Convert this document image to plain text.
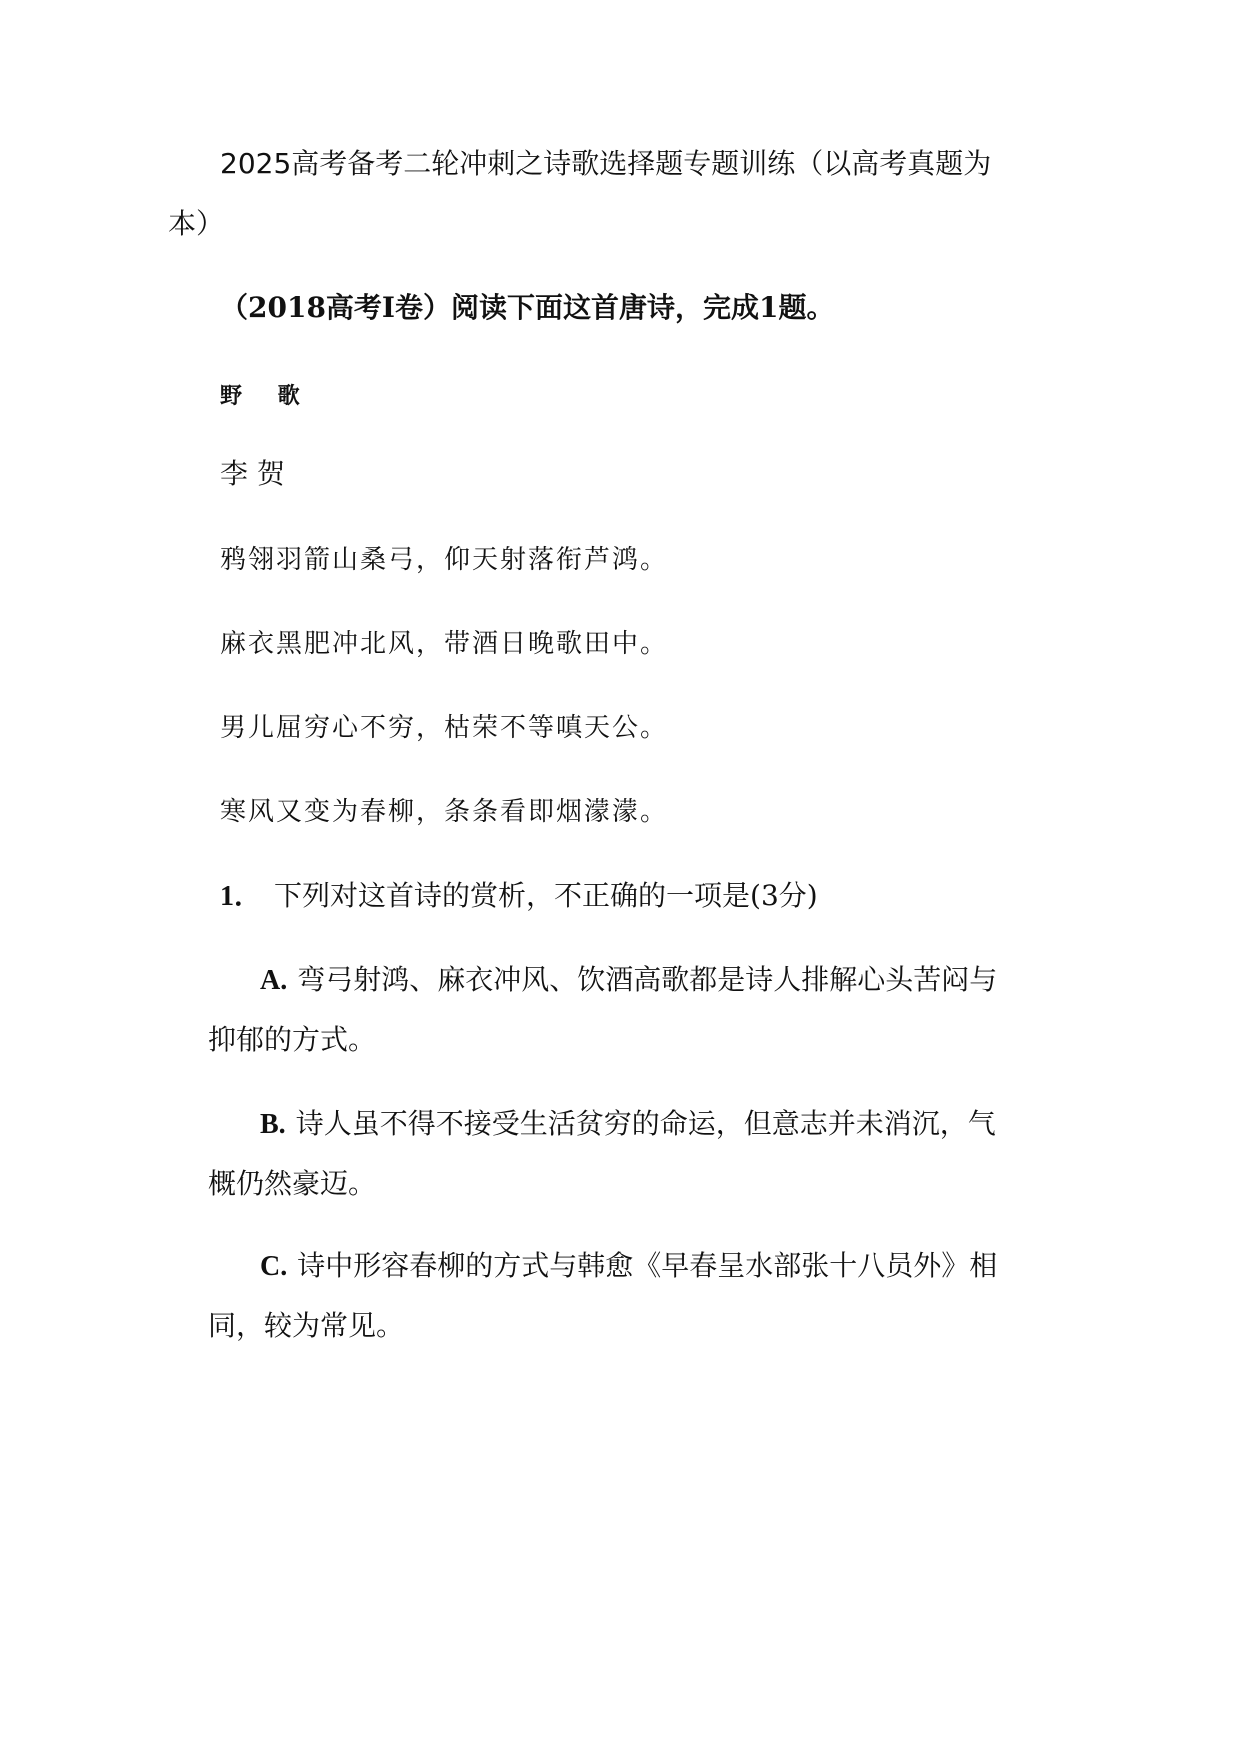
2025高考备考二轮冲刺之诗歌选择题专题训练（以高考真题为
本）
（2018高考Ⅰ卷）阅读下面这首唐诗，完成1题。
野 歌
李 贺
鸦翎羽箭山桑弓，仰天射落衔芦鸿。
麻衣黑肥冲北风，带酒日晚歌田中。
男儿屈穷心不穷，枯荣不等嗔天公。
寒风又变为春柳，条条看即烟濛濛。
1． 下列对这首诗的赏析，不正确的一项是(3分)
A. 弯弓射鸿、麻衣冲风、饮酒高歌都是诗人排解心头苦闷与
抑郁的方式。
B. 诗人虽不得不接受生活贫穷的命运，但意志并未消沉，气
概仍然豪迈。
C. 诗中形容春柳的方式与韩愈《早春呈水部张十八员外》相
同，较为常见。
